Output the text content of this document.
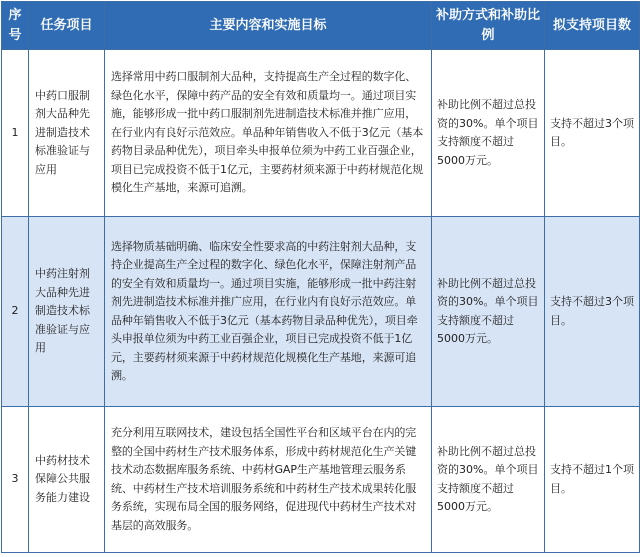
序号	任务项目	主要内容和实施目标	补助方式和补助比例	拟支持项目数
1	中药口服制剂大品种先进制造技术标准验证与应用	选择常用中药口服制剂大品种，支持提高生产全过程的数字化、绿色化水平，保障中药产品的安全有效和质量均一。通过项目实施，能够形成一批中药口服制剂先进制造技术标准并推广应用，在行业内有良好示范效应。单品种年销售收入不低于3亿元（基本药物目录品种优先），项目牵头申报单位须为中药工业百强企业，项目已完成投资不低于1亿元，主要药材须来源于中药材规范化规模化生产基地，来源可追溯。	补助比例不超过总投资的30%。单个项目支持额度不超过5000万元。	支持不超过3个项目。
2	中药注射剂大品种先进制造技术标准验证与应用	选择物质基础明确、临床安全性要求高的中药注射剂大品种，支持企业提高生产全过程的数字化、绿色化水平，保障注射剂产品的安全有效和质量均一。通过项目实施，能够形成一批中药注射剂先进制造技术标准并推广应用，在行业内有良好示范效应。单品种年销售收入不低于3亿元（基本药物目录品种优先），项目牵头申报单位须为中药工业百强企业，项目已完成投资不低于1亿元，主要药材须来源于中药材规范化规模化生产基地，来源可追溯。	补助比例不超过总投资的30%。单个项目支持额度不超过5000万元。	支持不超过3个项目。
3	中药材技术保障公共服务能力建设	充分利用互联网技术，建设包括全国性平台和区域平台在内的完整的全国中药材生产技术服务体系，形成中药材规范化生产关键技术动态数据库服务系统、中药材GAP生产基地管理云服务系统、中药材生产技术培训服务系统和中药材生产技术成果转化服务系统，实现布局全国的服务网络，促进现代中药材生产技术对基层的高效服务。	补助比例不超过总投资的30%。单个项目支持额度不超过5000万元。	支持不超过1个项目。
